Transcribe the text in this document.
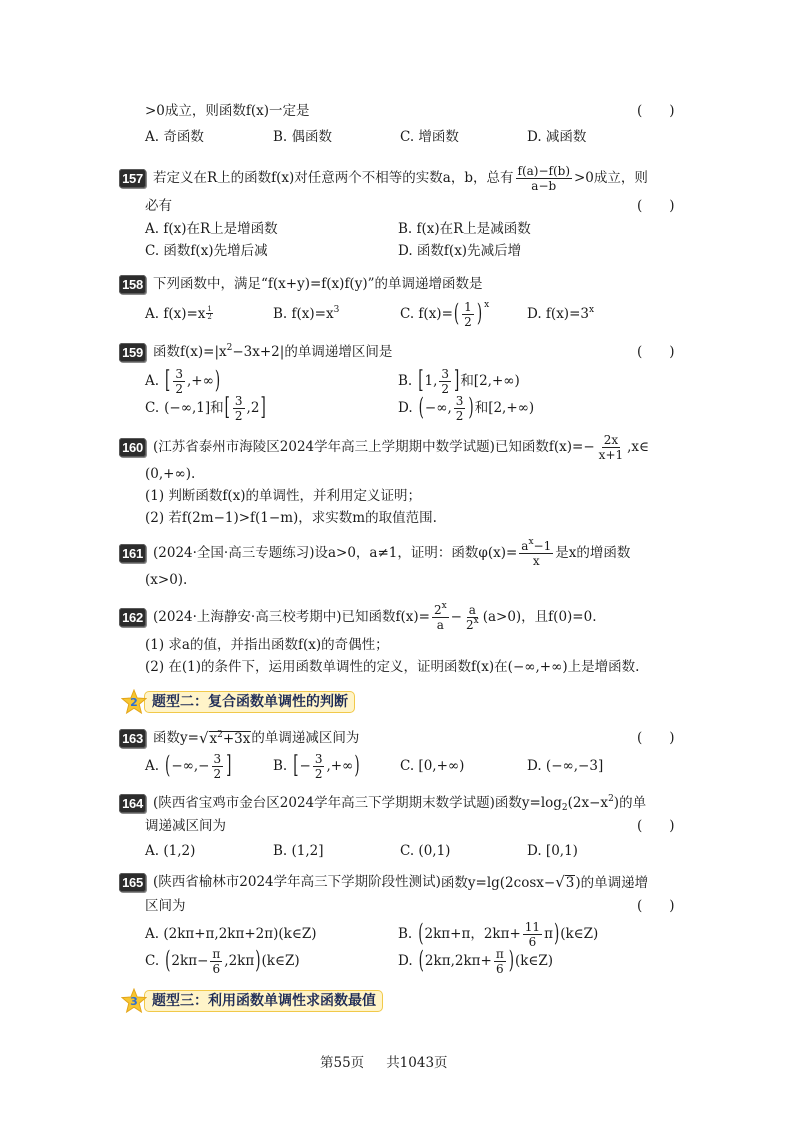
>0成立，则函数f(x)一定是	(　　)
A. 奇函数	B. 偶函数	C. 增函数	D. 减函数
157 若定义在R上的函数f(x)对任意两个不相等的实数a，b，总有 $\frac{f(a)-f(b)}{a-b} >0$成立，则
必有	(　　)
A. f(x)在R上是增函数	B. f(x)在R上是减函数
C. 函数f(x)先增后减	D. 函数f(x)先减后增
158 下列函数中，满足“f(x+y)=f(x)f(y)”的单调递增函数是
A. $f(x)=x \frac{1}{2}$	B. $f(x)=x^3$	C. f(x)= ( $\frac{1}{2}$ ) x
D. $f(x)=3^x$
159 函数$f(x)=|x^2-3x+2|$的单调递增区间是	(　　)
A. [ $\frac{3}{2}$ ,+∞ )	B. [ 1, $\frac{3}{2}$ ] 和[2,+∞)
C. (−∞,1]和 [ $\frac{3}{2} ,2$ ]	D. ( −∞, $\frac{3}{2}$ ) 和[2,+∞)
160 (江苏省泰州市海陵区2024学年高三上学期期中数学试题) 已知函数$f(x)=- \frac{2x}{x+1}$ ,x∈
(0,+∞).
(1) 判断函数f(x)的单调性，并利用定义证明；
(2) 若f(2m−1)>f(1−m)，求实数m的取值范围.
161 (2024·全国·高三专题练习) 设a>0，a≠1，证明：函数$\varphi(x)= \frac{a^x-1}{x}$ 是x的增函数
(x>0).
162 (2024·上海静安·高三校考期中) 已知函数$f(x)= \frac{2^x}{a} - \frac{a}{2^x} (a>0)$，且f(0)=0.
(1) 求a的值，并指出函数f(x)的奇偶性；
(2) 在(1)的条件下，运用函数单调性的定义，证明函数f(x)在(−∞,+∞)上是增函数.
2	题型二：复合函数单调性的判断
163 函数$y= √x^2+3x$ 的单调递减区间为	(　　)
A. ( −∞,− $\frac{3}{2}$ ]	B. [ − $\frac{3}{2}$ ,+∞ )	C. [0,+∞)	D. (−∞,−3]
164 (陕西省宝鸡市金台区2024学年高三下学期期末数学试题) 函数$y=\log_2(2x-x^2)$的单
调递减区间为	(　　)
A. (1,2)	B. (1,2]	C. (0,1)	D. [0,1)
165 (陕西省榆林市2024学年高三下学期阶段性测试) 函数y=lg(2cosx−√3)的单调递增
区间为	(　　)
A. (2kπ+π,2kπ+2π)(k∈Z)	B. ( 2kπ+π，$2k\pi+ \frac{11}{6}$ π ) (k∈Z)
C. ( $2k\pi- \frac{\pi}{6} ,2k\pi$ ) (k∈Z)	D. ( $2k\pi,2k\pi+ \frac{\pi}{6}$ ) (k∈Z)
3	题型三：利用函数单调性求函数最值
第55页 共1043页
